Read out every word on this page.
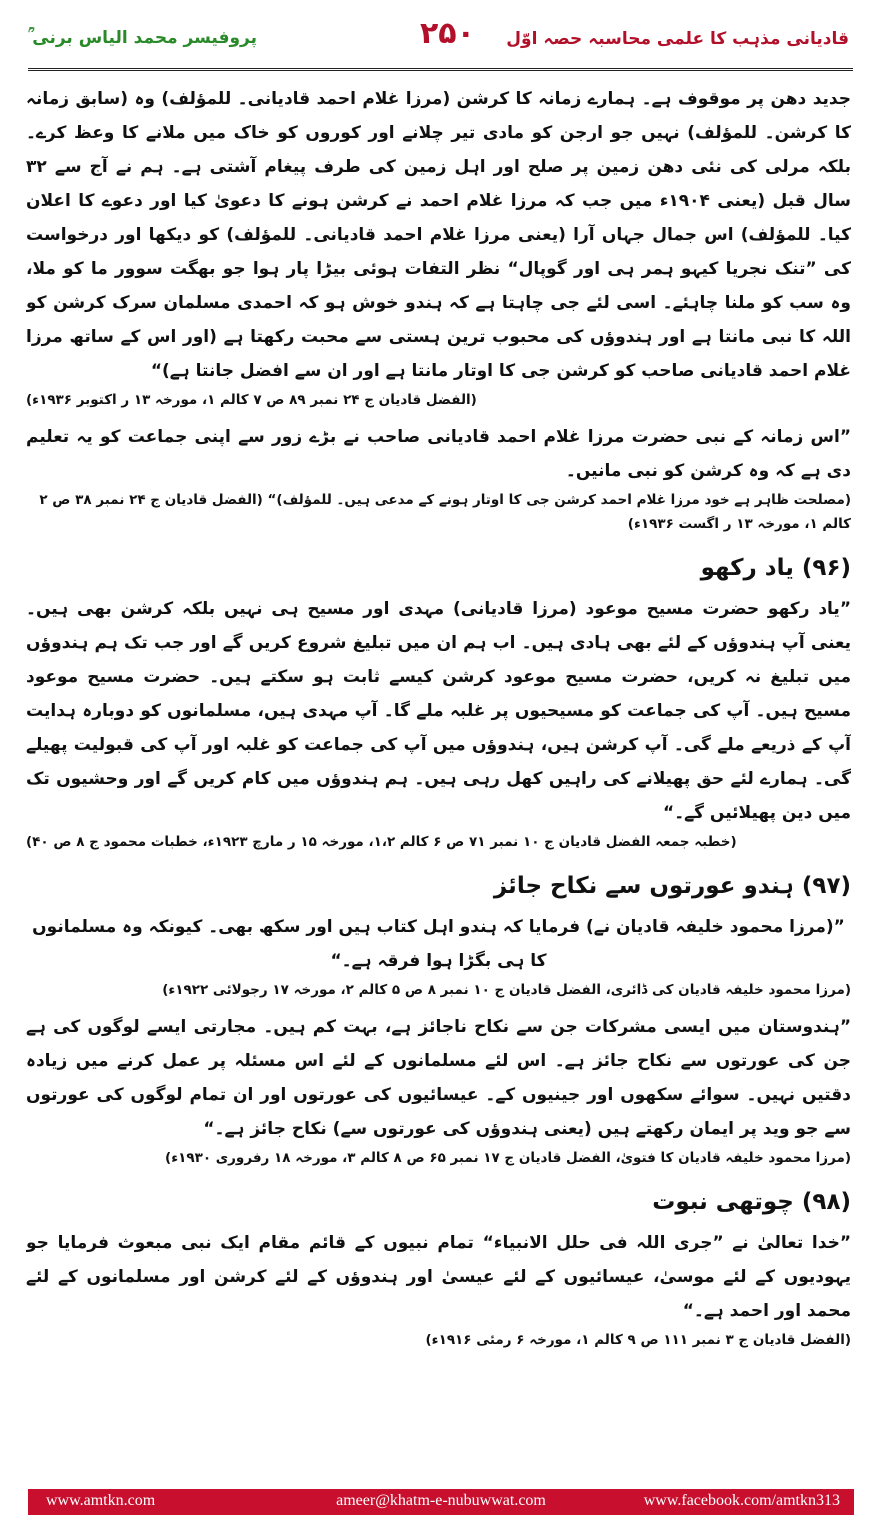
قادیانی مذہب کا علمی محاسبہ حصہ اوّل
۲۵۰
پروفیسر محمد الیاس برنی ؒ

جدید دھن پر موقوف ہے۔ ہمارے زمانہ کا کرشن (مرزا غلام احمد قادیانی۔ للمؤلف) وہ (سابق زمانہ کا کرشن۔ للمؤلف) نہیں جو ارجن کو مادی تیر چلانے اور کوروں کو خاک میں ملانے کا وعظ کرے۔ بلکہ مرلی کی نئی دھن زمین پر صلح اور اہل زمین کی طرف پیغام آشتی ہے۔ ہم نے آج سے ۳۲ سال قبل (یعنی ۱۹۰۴ء میں جب کہ مرزا غلام احمد نے کرشن ہونے کا دعویٰ کیا اور دعوے کا اعلان کیا۔ للمؤلف) اس جمال جہاں آرا (یعنی مرزا غلام احمد قادیانی۔ للمؤلف) کو دیکھا اور درخواست کی ”تنک نجریا کیہو ہمر ہی اور گوپال“ نظر التفات ہوئی بیڑا پار ہوا جو بھگت سوور ما کو ملا، وہ سب کو ملنا چاہئے۔ اسی لئے جی چاہتا ہے کہ ہندو خوش ہو کہ احمدی مسلمان سرک کرشن کو اللہ کا نبی مانتا ہے اور ہندوؤں کی محبوب ترین ہستی سے محبت رکھتا ہے (اور اس کے ساتھ مرزا غلام احمد قادیانی صاحب کو کرشن جی کا اوتار مانتا ہے اور ان سے افضل جانتا ہے)“

(الفضل قادیان ج ۲۴ نمبر ۸۹ ص ۷ کالم ۱، مورخہ ۱۳ ر اکتوبر ۱۹۳۶ء)

”اس زمانہ کے نبی حضرت مرزا غلام احمد قادیانی صاحب نے بڑے زور سے اپنی جماعت کو یہ تعلیم دی ہے کہ وہ کرشن کو نبی مانیں۔

(مصلحت ظاہر ہے خود مرزا غلام احمد کرشن جی کا اوتار ہونے کے مدعی ہیں۔ للمؤلف)“ (الفضل قادیان ج ۲۴ نمبر ۳۸ ص ۲ کالم ۱، مورخہ ۱۳ ر اگست ۱۹۳۶ء)

(۹۶) یاد رکھو

”یاد رکھو حضرت مسیح موعود (مرزا قادیانی) مہدی اور مسیح ہی نہیں بلکہ کرشن بھی ہیں۔ یعنی آپ ہندوؤں کے لئے بھی ہادی ہیں۔ اب ہم ان میں تبلیغ شروع کریں گے اور جب تک ہم ہندوؤں میں تبلیغ نہ کریں، حضرت مسیح موعود کرشن کیسے ثابت ہو سکتے ہیں۔ حضرت مسیح موعود مسیح ہیں۔ آپ کی جماعت کو مسیحیوں پر غلبہ ملے گا۔ آپ مہدی ہیں، مسلمانوں کو دوبارہ ہدایت آپ کے ذریعے ملے گی۔ آپ کرشن ہیں، ہندوؤں میں آپ کی جماعت کو غلبہ اور آپ کی قبولیت پھیلے گی۔ ہمارے لئے حق پھیلانے کی راہیں کھل رہی ہیں۔ ہم ہندوؤں میں کام کریں گے اور وحشیوں تک میں دین پھیلائیں گے۔“

(خطبہ جمعہ الفضل قادیان ج ۱۰ نمبر ۷۱ ص ۶ کالم ۱،۲، مورخہ ۱۵ ر مارچ ۱۹۲۳ء، خطبات محمود ج ۸ ص ۴۰)

(۹۷) ہندو عورتوں سے نکاح جائز

”(مرزا محمود خلیفہ قادیان نے) فرمایا کہ ہندو اہل کتاب ہیں اور سکھ بھی۔ کیونکہ وہ مسلمانوں کا ہی بگڑا ہوا فرقہ ہے۔“

(مرزا محمود خلیفہ قادیان کی ڈائری، الفضل قادیان ج ۱۰ نمبر ۸ ص ۵ کالم ۲، مورخہ ۱۷ رجولائی ۱۹۲۲ء)

”ہندوستان میں ایسی مشرکات جن سے نکاح ناجائز ہے، بہت کم ہیں۔ مجارتی ایسے لوگوں کی ہے جن کی عورتوں سے نکاح جائز ہے۔ اس لئے مسلمانوں کے لئے اس مسئلہ پر عمل کرنے میں زیادہ دقتیں نہیں۔ سوائے سکھوں اور جینیوں کے۔ عیسائیوں کی عورتوں اور ان تمام لوگوں کی عورتوں سے جو وید پر ایمان رکھتے ہیں (یعنی ہندوؤں کی عورتوں سے) نکاح جائز ہے۔“

(مرزا محمود خلیفہ قادیان کا فتویٰ، الفضل قادیان ج ۱۷ نمبر ۶۵ ص ۸ کالم ۳، مورخہ ۱۸ رفروری ۱۹۳۰ء)

(۹۸) چوتھی نبوت

”خدا تعالیٰ نے ”جری اللہ فی حلل الانبیاء“ تمام نبیوں کے قائم مقام ایک نبی مبعوث فرمایا جو یہودیوں کے لئے موسیٰ، عیسائیوں کے لئے عیسیٰ اور ہندوؤں کے لئے کرشن اور مسلمانوں کے لئے محمد اور احمد ہے۔“

(الفضل قادیان ج ۳ نمبر ۱۱۱ ص ۹ کالم ۱، مورخہ ۶ رمئی ۱۹۱۶ء)

www.amtkn.com	ameer@khatm-e-nubuwwat.com	www.facebook.com/amtkn313
